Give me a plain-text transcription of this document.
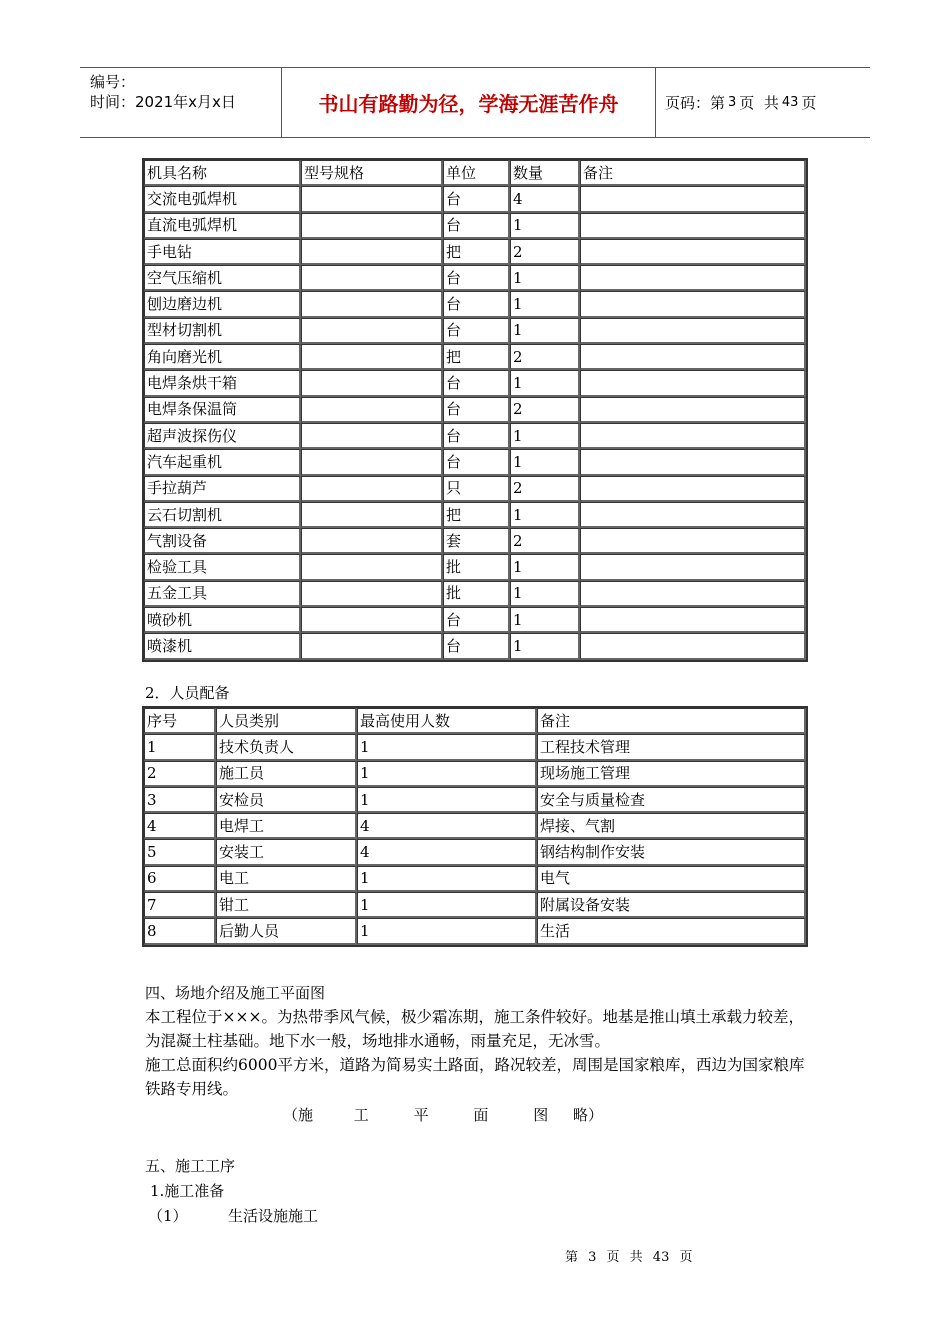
编号：
时间：2021年x月x日	书山有路勤为径，学海无涯苦作舟	页码：第 3 页  共 43 页
机具名称	型号规格	单位	数量	备注
交流电弧焊机		台	4	
直流电弧焊机		台	1	
手电钻		把	2	
空气压缩机		台	1	
刨边磨边机		台	1	
型材切割机		台	1	
角向磨光机		把	2	
电焊条烘干箱		台	1	
电焊条保温筒		台	2	
超声波探伤仪		台	1	
汽车起重机		台	1	
手拉葫芦		只	2	
云石切割机		把	1	
气割设备		套	2	
检验工具		批	1	
五金工具		批	1	
喷砂机		台	1	
喷漆机		台	1	
2．人员配备
序号	人员类别	最高使用人数	备注
1	技术负责人	1	工程技术管理
2	施工员	1	现场施工管理
3	安检员	1	安全与质量检查
4	电焊工	4	焊接、气割
5	安装工	4	钢结构制作安装
6	电工	1	电气
7	钳工	1	附属设备安装
8	后勤人员	1	生活
四、场地介绍及施工平面图
本工程位于×××。为热带季风气候，极少霜冻期，施工条件较好。地基是推山填土承载力较差，为混凝土柱基础。地下水一般，场地排水通畅，雨量充足，无冰雪。
施工总面积约6000平方米，道路为简易实土路面，路况较差，周围是国家粮库，西边为国家粮库铁路专用线。
（施	工	平	面	图 略）
五、施工工序
1.施工准备
（1）	生活设施施工
第 3 页 共 43 页
